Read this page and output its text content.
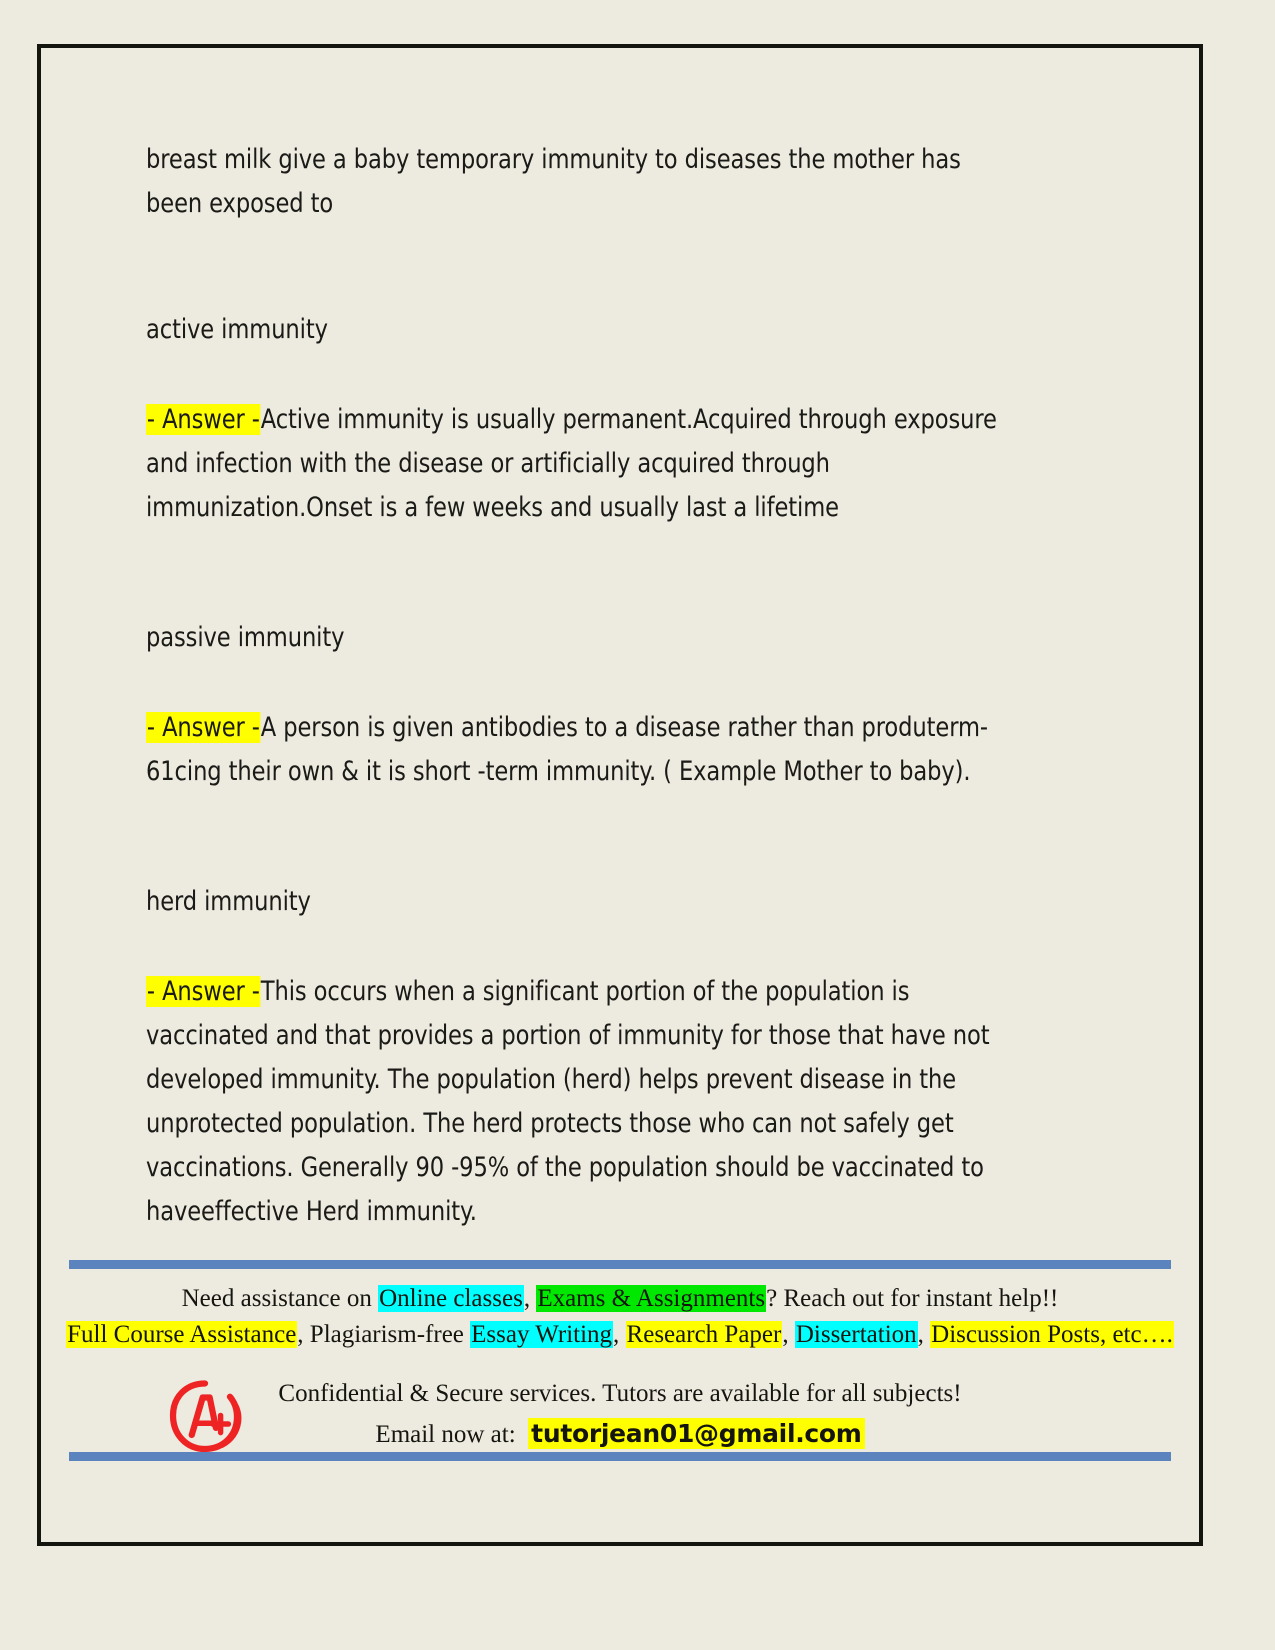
breast milk give a baby temporary immunity to diseases the mother has been exposed to

active immunity

- Answer -Active immunity is usually permanent.Acquired through exposure and infection with the disease or artificially acquired through immunization.Onset is a few weeks and usually last a lifetime

passive immunity

- Answer -A person is given antibodies to a disease rather than produterm-61cing their own & it is short -term immunity. ( Example Mother to baby).

herd immunity

- Answer -This occurs when a significant portion of the population is vaccinated and that provides a portion of immunity for those that have not developed immunity. The population (herd) helps prevent disease in the unprotected population. The herd protects those who can not safely get vaccinations. Generally 90 -95% of the population should be vaccinated to haveeffective Herd immunity.

Need assistance on Online classes, Exams & Assignments? Reach out for instant help!!
Full Course Assistance, Plagiarism-free Essay Writing, Research Paper, Dissertation, Discussion Posts, etc….
Confidential & Secure services. Tutors are available for all subjects!
Email now at: tutorjean01@gmail.com
